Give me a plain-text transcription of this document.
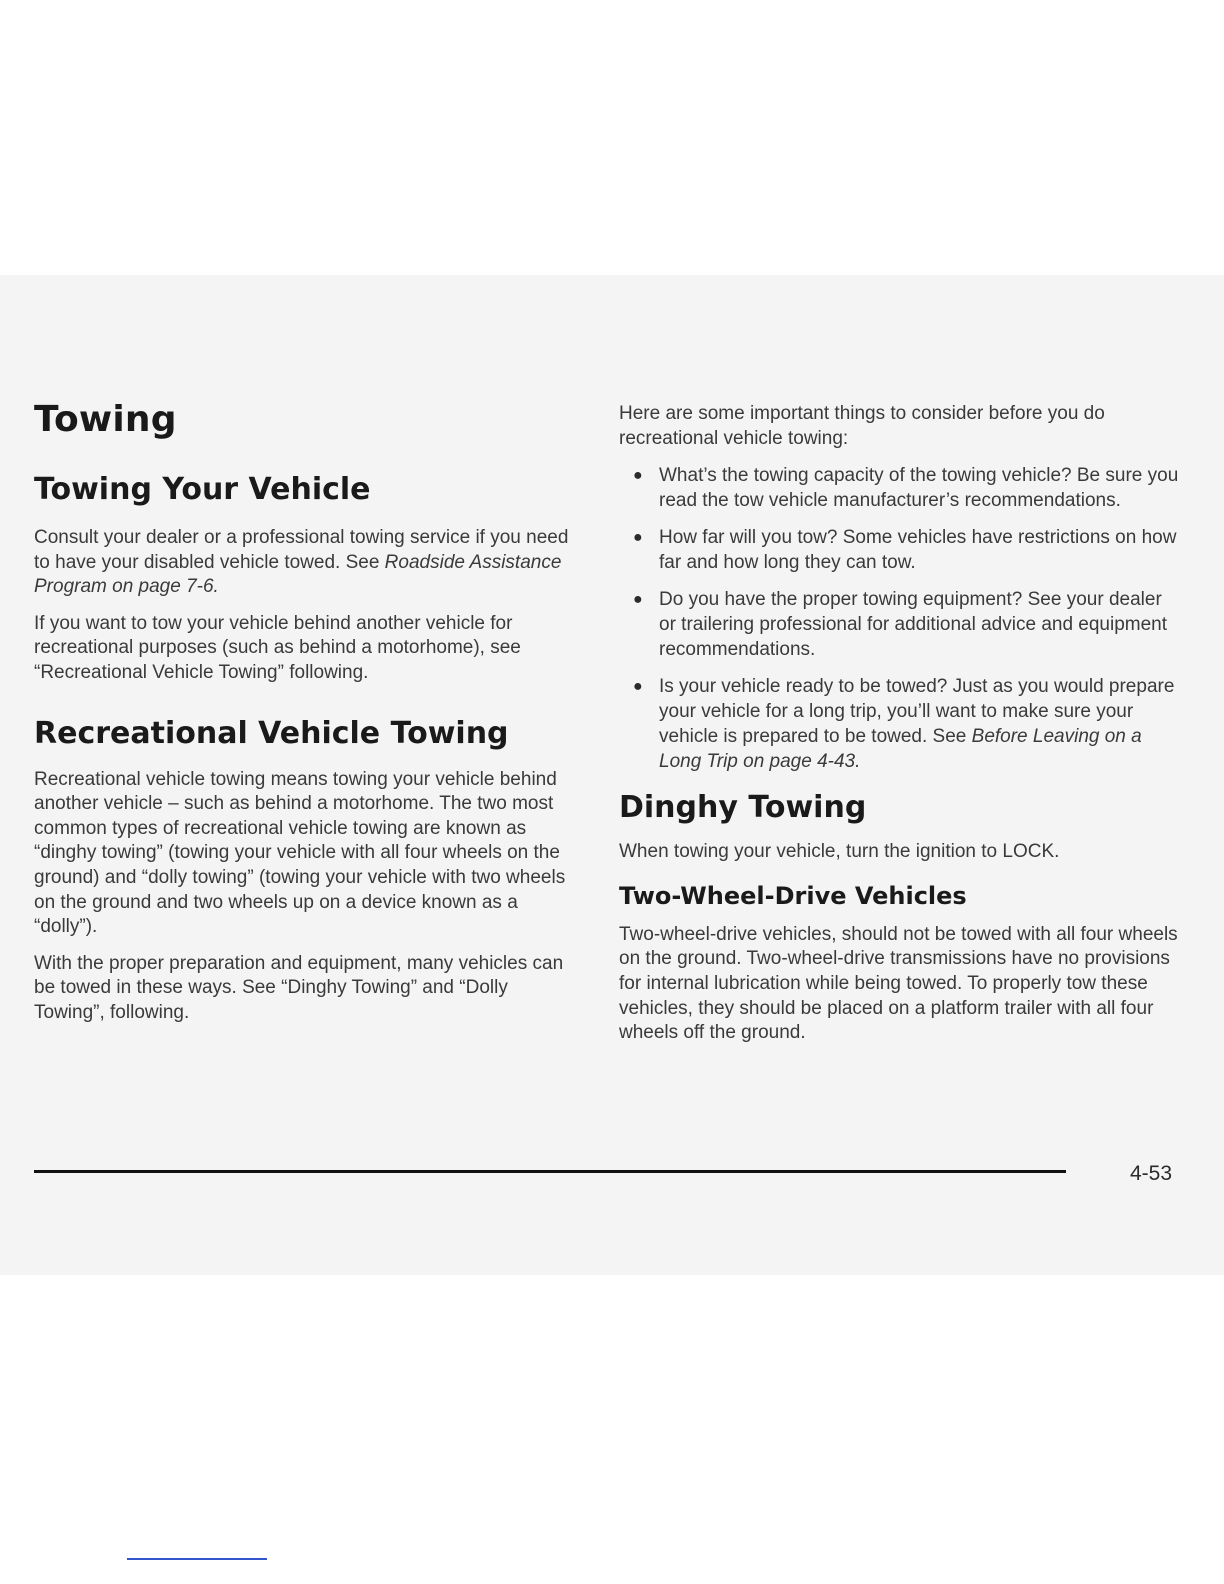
Towing
Towing Your Vehicle

Consult your dealer or a professional towing service if you need to have your disabled vehicle towed. See Roadside Assistance Program on page 7-6.

If you want to tow your vehicle behind another vehicle for recreational purposes (such as behind a motorhome), see “Recreational Vehicle Towing” following.

Recreational Vehicle Towing

Recreational vehicle towing means towing your vehicle behind another vehicle – such as behind a motorhome. The two most common types of recreational vehicle towing are known as “dinghy towing” (towing your vehicle with all four wheels on the ground) and “dolly towing” (towing your vehicle with two wheels on the ground and two wheels up on a device known as a “dolly”).

With the proper preparation and equipment, many vehicles can be towed in these ways. See “Dinghy Towing” and “Dolly Towing”, following.

Here are some important things to consider before you do recreational vehicle towing:

● What’s the towing capacity of the towing vehicle? Be sure you read the tow vehicle manufacturer’s recommendations.
● How far will you tow? Some vehicles have restrictions on how far and how long they can tow.
● Do you have the proper towing equipment? See your dealer or trailering professional for additional advice and equipment recommendations.
● Is your vehicle ready to be towed? Just as you would prepare your vehicle for a long trip, you’ll want to make sure your vehicle is prepared to be towed. See Before Leaving on a Long Trip on page 4-43.
Dinghy Towing

When towing your vehicle, turn the ignition to LOCK.

Two-Wheel-Drive Vehicles

Two-wheel-drive vehicles, should not be towed with all four wheels on the ground. Two-wheel-drive transmissions have no provisions for internal lubrication while being towed. To properly tow these vehicles, they should be placed on a platform trailer with all four wheels off the ground.

4-53
